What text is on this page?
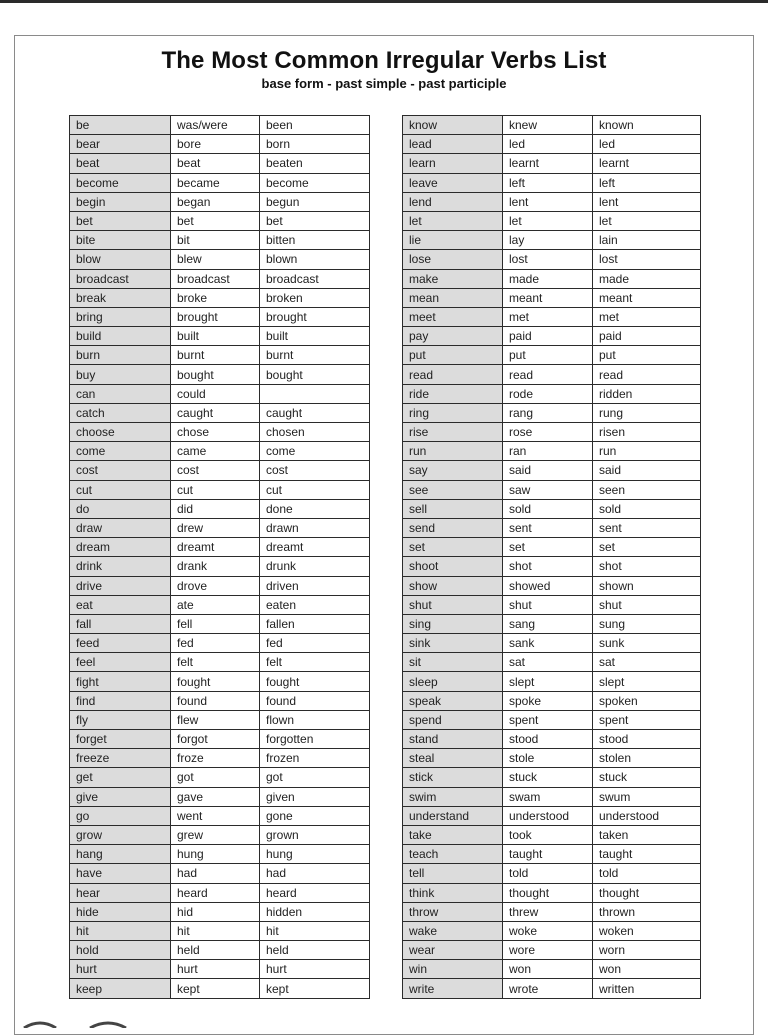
The Most Common Irregular Verbs List
base form - past simple - past participle
be	was/were	been
bear	bore	born
beat	beat	beaten
become	became	become
begin	began	begun
bet	bet	bet
bite	bit	bitten
blow	blew	blown
broadcast	broadcast	broadcast
break	broke	broken
bring	brought	brought
build	built	built
burn	burnt	burnt
buy	bought	bought
can	could	
catch	caught	caught
choose	chose	chosen
come	came	come
cost	cost	cost
cut	cut	cut
do	did	done
draw	drew	drawn
dream	dreamt	dreamt
drink	drank	drunk
drive	drove	driven
eat	ate	eaten
fall	fell	fallen
feed	fed	fed
feel	felt	felt
fight	fought	fought
find	found	found
fly	flew	flown
forget	forgot	forgotten
freeze	froze	frozen
get	got	got
give	gave	given
go	went	gone
grow	grew	grown
hang	hung	hung
have	had	had
hear	heard	heard
hide	hid	hidden
hit	hit	hit
hold	held	held
hurt	hurt	hurt
keep	kept	kept
know	knew	known
lead	led	led
learn	learnt	learnt
leave	left	left
lend	lent	lent
let	let	let
lie	lay	lain
lose	lost	lost
make	made	made
mean	meant	meant
meet	met	met
pay	paid	paid
put	put	put
read	read	read
ride	rode	ridden
ring	rang	rung
rise	rose	risen
run	ran	run
say	said	said
see	saw	seen
sell	sold	sold
send	sent	sent
set	set	set
shoot	shot	shot
show	showed	shown
shut	shut	shut
sing	sang	sung
sink	sank	sunk
sit	sat	sat
sleep	slept	slept
speak	spoke	spoken
spend	spent	spent
stand	stood	stood
steal	stole	stolen
stick	stuck	stuck
swim	swam	swum
understand	understood	understood
take	took	taken
teach	taught	taught
tell	told	told
think	thought	thought
throw	threw	thrown
wake	woke	woken
wear	wore	worn
win	won	won
write	wrote	written
